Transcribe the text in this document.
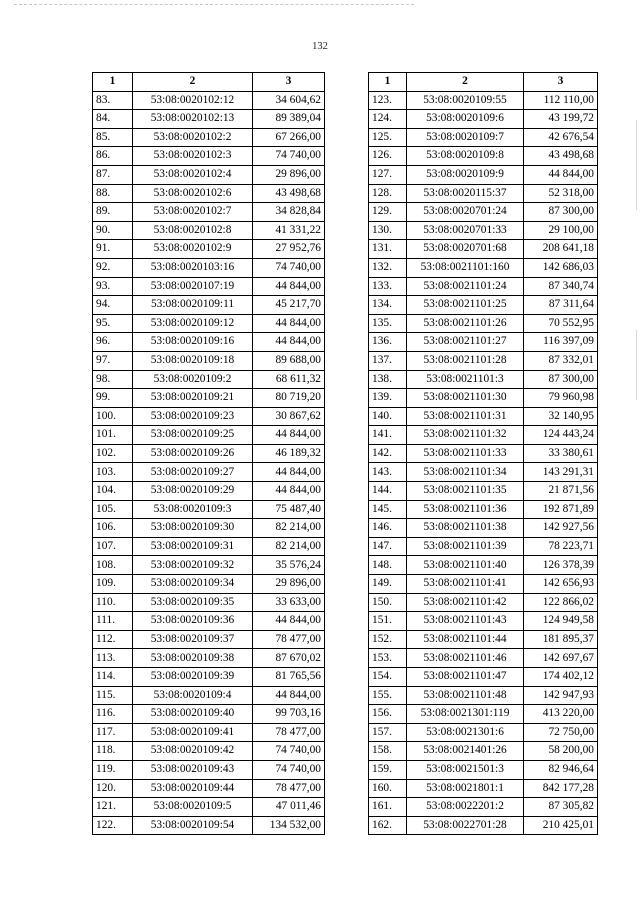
132
1	2	3
83.	53:08:0020102:12	34 604,62
84.	53:08:0020102:13	89 389,04
85.	53:08:0020102:2	67 266,00
86.	53:08:0020102:3	74 740,00
87.	53:08:0020102:4	29 896,00
88.	53:08:0020102:6	43 498,68
89.	53:08:0020102:7	34 828,84
90.	53:08:0020102:8	41 331,22
91.	53:08:0020102:9	27 952,76
92.	53:08:0020103:16	74 740,00
93.	53:08:0020107:19	44 844,00
94.	53:08:0020109:11	45 217,70
95.	53:08:0020109:12	44 844,00
96.	53:08:0020109:16	44 844,00
97.	53:08:0020109:18	89 688,00
98.	53:08:0020109:2	68 611,32
99.	53:08:0020109:21	80 719,20
100.	53:08:0020109:23	30 867,62
101.	53:08:0020109:25	44 844,00
102.	53:08:0020109:26	46 189,32
103.	53:08:0020109:27	44 844,00
104.	53:08:0020109:29	44 844,00
105.	53:08:0020109:3	75 487,40
106.	53:08:0020109:30	82 214,00
107.	53:08:0020109:31	82 214,00
108.	53:08:0020109:32	35 576,24
109.	53:08:0020109:34	29 896,00
110.	53:08:0020109:35	33 633,00
111.	53:08:0020109:36	44 844,00
112.	53:08:0020109:37	78 477,00
113.	53:08:0020109:38	87 670,02
114.	53:08:0020109:39	81 765,56
115.	53:08:0020109:4	44 844,00
116.	53:08:0020109:40	99 703,16
117.	53:08:0020109:41	78 477,00
118.	53:08:0020109:42	74 740,00
119.	53:08:0020109:43	74 740,00
120.	53:08:0020109:44	78 477,00
121.	53:08:0020109:5	47 011,46
122.	53:08:0020109:54	134 532,00
1	2	3
123.	53:08:0020109:55	112 110,00
124.	53:08:0020109:6	43 199,72
125.	53:08:0020109:7	42 676,54
126.	53:08:0020109:8	43 498,68
127.	53:08:0020109:9	44 844,00
128.	53:08:0020115:37	52 318,00
129.	53:08:0020701:24	87 300,00
130.	53:08:0020701:33	29 100,00
131.	53:08:0020701:68	208 641,18
132.	53:08:0021101:160	142 686,03
133.	53:08:0021101:24	87 340,74
134.	53:08:0021101:25	87 311,64
135.	53:08:0021101:26	70 552,95
136.	53:08:0021101:27	116 397,09
137.	53:08:0021101:28	87 332,01
138.	53:08:0021101:3	87 300,00
139.	53:08:0021101:30	79 960,98
140.	53:08:0021101:31	32 140,95
141.	53:08:0021101:32	124 443,24
142.	53:08:0021101:33	33 380,61
143.	53:08:0021101:34	143 291,31
144.	53:08:0021101:35	21 871,56
145.	53:08:0021101:36	192 871,89
146.	53:08:0021101:38	142 927,56
147.	53:08:0021101:39	78 223,71
148.	53:08:0021101:40	126 378,39
149.	53:08:0021101:41	142 656,93
150.	53:08:0021101:42	122 866,02
151.	53:08:0021101:43	124 949,58
152.	53:08:0021101:44	181 895,37
153.	53:08:0021101:46	142 697,67
154.	53:08:0021101:47	174 402,12
155.	53:08:0021101:48	142 947,93
156.	53:08:0021301:119	413 220,00
157.	53:08:0021301:6	72 750,00
158.	53:08:0021401:26	58 200,00
159.	53:08:0021501:3	82 946,64
160.	53:08:0021801:1	842 177,28
161.	53:08:0022201:2	87 305,82
162.	53:08:0022701:28	210 425,01
